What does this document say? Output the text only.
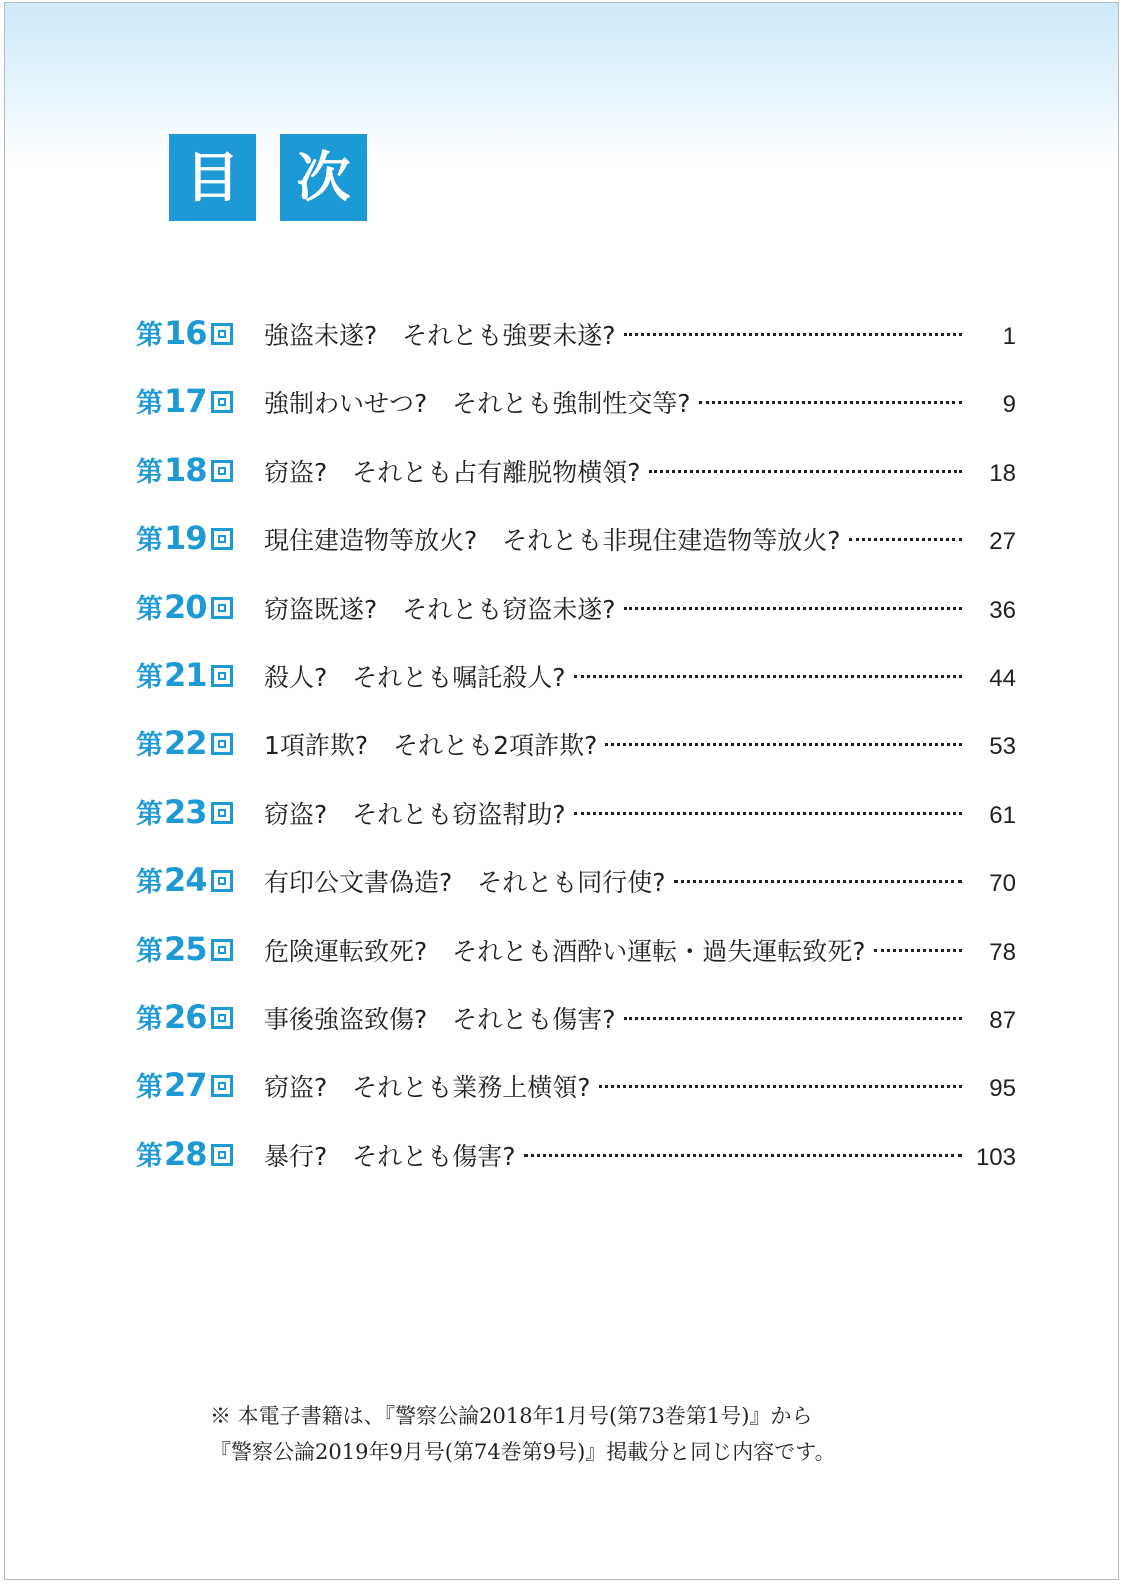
目	次
第 16 強盗未遂?　それとも強要未遂?	1
第 17 強制わいせつ?　それとも強制性交等?	9
第 18 窃盗?　それとも占有離脱物横領?	18
第 19 現住建造物等放火?　それとも非現住建造物等放火?	27
第 20 窃盗既遂?　それとも窃盗未遂?	36
第 21 殺人?　それとも嘱託殺人?	44
第 22 1項詐欺?　それとも2項詐欺?	53
第 23 窃盗?　それとも窃盗幇助?	61
第 24 有印公文書偽造?　それとも同行使?	70
第 25 危険運転致死?　それとも酒酔い運転・過失運転致死?	78
第 26 事後強盗致傷?　それとも傷害?	87
第 27 窃盗?　それとも業務上横領?	95
第 28 暴行?　それとも傷害?	103
※ 本電子書籍は、『警察公論2018年1月号(第73巻第1号)』から
『警察公論2019年9月号(第74巻第9号)』掲載分と同じ内容です。
